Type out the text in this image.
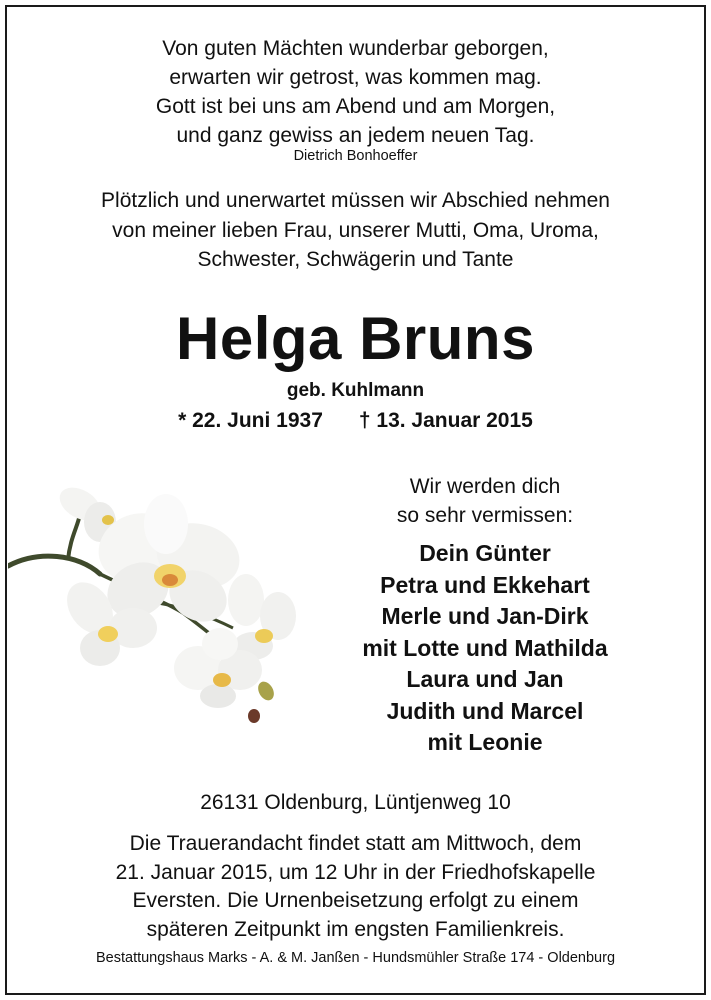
Von guten Mächten wunderbar geborgen,
erwarten wir getrost, was kommen mag.
Gott ist bei uns am Abend und am Morgen,
und ganz gewiss an jedem neuen Tag.
Dietrich Bonhoeffer
Plötzlich und unerwartet müssen wir Abschied nehmen
von meiner lieben Frau, unserer Mutti, Oma, Uroma,
Schwester, Schwägerin und Tante
Helga Bruns
geb. Kuhlmann
* 22. Juni 1937 † 13. Januar 2015
Wir werden dich
so sehr vermissen:
Dein Günter
Petra und Ekkehart
Merle und Jan-Dirk
mit Lotte und Mathilda
Laura und Jan
Judith und Marcel
mit Leonie
26131 Oldenburg, Lüntjenweg 10
Die Trauerandacht findet statt am Mittwoch, dem
21. Januar 2015, um 12 Uhr in der Friedhofskapelle
Eversten. Die Urnenbeisetzung erfolgt zu einem
späteren Zeitpunkt im engsten Familienkreis.
Bestattungshaus Marks - A. & M. Janßen - Hundsmühler Straße 174 - Oldenburg
